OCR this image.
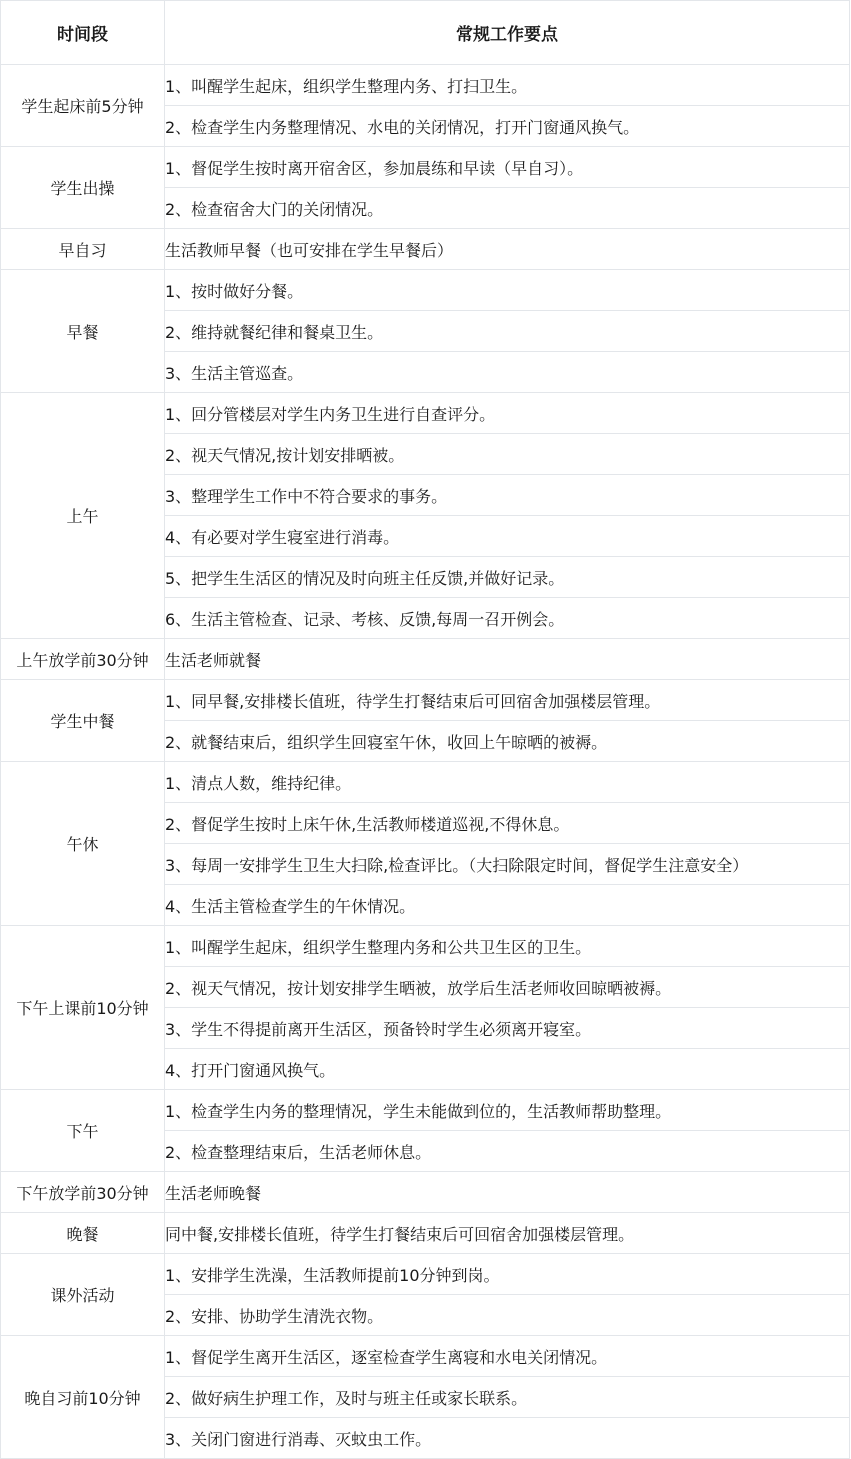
时间段	常规工作要点
学生起床前5分钟	1、叫醒学生起床，组织学生整理内务、打扫卫生。
	2、检查学生内务整理情况、水电的关闭情况，打开门窗通风换气。
学生出操	1、督促学生按时离开宿舍区，参加晨练和早读（早自习）。
	2、检查宿舍大门的关闭情况。
早自习	生活教师早餐（也可安排在学生早餐后）
早餐	1、按时做好分餐。
	2、维持就餐纪律和餐桌卫生。
	3、生活主管巡查。
上午	1、回分管楼层对学生内务卫生进行自查评分。
	2、视天气情况,按计划安排晒被。
	3、整理学生工作中不符合要求的事务。
	4、有必要对学生寝室进行消毒。
	5、把学生生活区的情况及时向班主任反馈,并做好记录。
	6、生活主管检查、记录、考核、反馈,每周一召开例会。
上午放学前30分钟	生活老师就餐
学生中餐	1、同早餐,安排楼长值班，待学生打餐结束后可回宿舍加强楼层管理。
	2、就餐结束后，组织学生回寝室午休，收回上午晾晒的被褥。
午休	1、清点人数，维持纪律。
	2、督促学生按时上床午休,生活教师楼道巡视,不得休息。
	3、每周一安排学生卫生大扫除,检查评比。（大扫除限定时间，督促学生注意安全）
	4、生活主管检查学生的午休情况。
下午上课前10分钟	1、叫醒学生起床，组织学生整理内务和公共卫生区的卫生。
	2、视天气情况，按计划安排学生晒被，放学后生活老师收回晾晒被褥。
	3、学生不得提前离开生活区，预备铃时学生必须离开寝室。
	4、打开门窗通风换气。
下午	1、检查学生内务的整理情况，学生未能做到位的，生活教师帮助整理。
	2、检查整理结束后，生活老师休息。
下午放学前30分钟	生活老师晚餐
晚餐	同中餐,安排楼长值班，待学生打餐结束后可回宿舍加强楼层管理。
课外活动	1、安排学生洗澡，生活教师提前10分钟到岗。
	2、安排、协助学生清洗衣物。
晚自习前10分钟	1、督促学生离开生活区，逐室检查学生离寝和水电关闭情况。
	2、做好病生护理工作，及时与班主任或家长联系。
	3、关闭门窗进行消毒、灭蚊虫工作。
